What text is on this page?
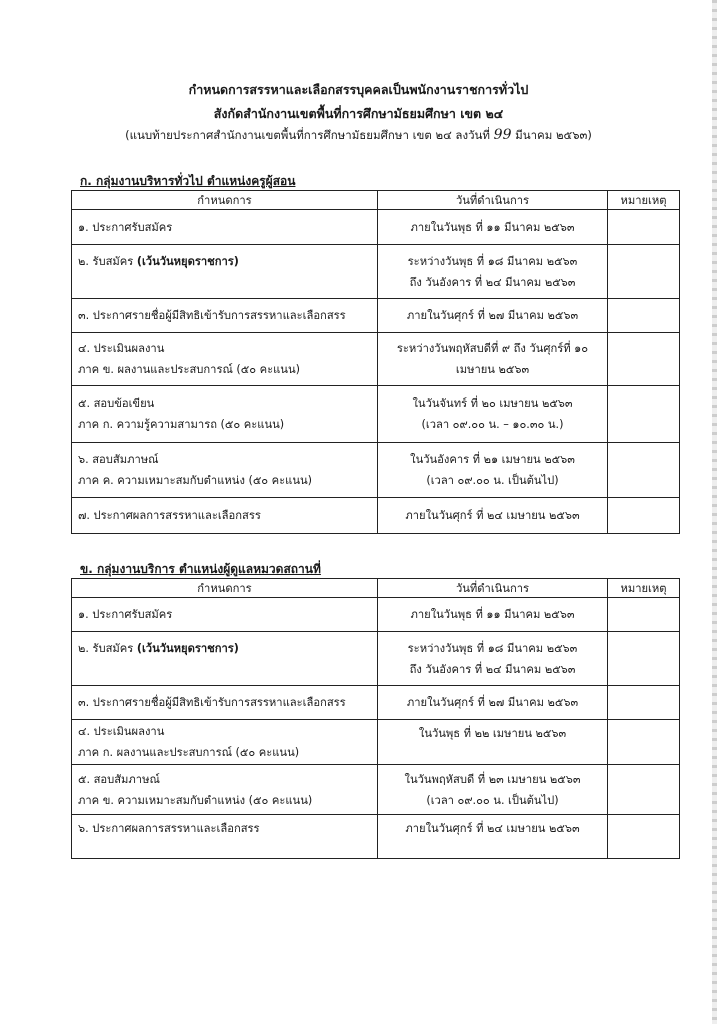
กำหนดการสรรหาและเลือกสรรบุคคลเป็นพนักงานราชการทั่วไป
สังกัดสำนักงานเขตพื้นที่การศึกษามัธยมศึกษา เขต ๒๔
(แนบท้ายประกาศสำนักงานเขตพื้นที่การศึกษามัธยมศึกษา เขต ๒๔ ลงวันที่ 99 มีนาคม ๒๕๖๓)
ก. กลุ่มงานบริหารทั่วไป ตำแหน่งครูผู้สอน
กำหนดการ	วันที่ดำเนินการ	หมายเหตุ

๑. ประกาศรับสมัคร	ภายในวันพุธ ที่ ๑๑ มีนาคม ๒๕๖๓	

๒. รับสมัคร (เว้นวันหยุดราชการ)	ระหว่างวันพุธ ที่ ๑๘ มีนาคม ๒๕๖๓
ถึง วันอังคาร ที่ ๒๔ มีนาคม ๒๕๖๓	

๓. ประกาศรายชื่อผู้มีสิทธิเข้ารับการสรรหาและเลือกสรร	ภายในวันศุกร์ ที่ ๒๗ มีนาคม ๒๕๖๓	

๔. ประเมินผลงาน
ภาค ข. ผลงานและประสบการณ์ (๕๐ คะแนน)	ระหว่างวันพฤหัสบดีที่ ๙ ถึง วันศุกร์ที่ ๑๐
เมษายน ๒๕๖๓	

๕. สอบข้อเขียน
ภาค ก. ความรู้ความสามารถ (๕๐ คะแนน)	ในวันจันทร์ ที่ ๒๐ เมษายน ๒๕๖๓
(เวลา ๐๙.๐๐ น. – ๑๐.๓๐ น.)	

๖. สอบสัมภาษณ์
ภาค ค. ความเหมาะสมกับตำแหน่ง (๕๐ คะแนน)	ในวันอังคาร ที่ ๒๑ เมษายน ๒๕๖๓
(เวลา ๐๙.๐๐ น. เป็นต้นไป)	

๗. ประกาศผลการสรรหาและเลือกสรร	ภายในวันศุกร์ ที่ ๒๔ เมษายน ๒๕๖๓	

ข. กลุ่มงานบริการ ตำแหน่งผู้ดูแลหมวดสถานที่
กำหนดการ	วันที่ดำเนินการ	หมายเหตุ

๑. ประกาศรับสมัคร	ภายในวันพุธ ที่ ๑๑ มีนาคม ๒๕๖๓	

๒. รับสมัคร (เว้นวันหยุดราชการ)	ระหว่างวันพุธ ที่ ๑๘ มีนาคม ๒๕๖๓
ถึง วันอังคาร ที่ ๒๔ มีนาคม ๒๕๖๓	

๓. ประกาศรายชื่อผู้มีสิทธิเข้ารับการสรรหาและเลือกสรร	ภายในวันศุกร์ ที่ ๒๗ มีนาคม ๒๕๖๓	

๔. ประเมินผลงาน
ภาค ก. ผลงานและประสบการณ์ (๕๐ คะแนน)	ในวันพุธ ที่ ๒๒ เมษายน ๒๕๖๓	

๕. สอบสัมภาษณ์
ภาค ข. ความเหมาะสมกับตำแหน่ง (๕๐ คะแนน)	ในวันพฤหัสบดี ที่ ๒๓ เมษายน ๒๕๖๓
(เวลา ๐๙.๐๐ น. เป็นต้นไป)	

๖. ประกาศผลการสรรหาและเลือกสรร	ภายในวันศุกร์ ที่ ๒๔ เมษายน ๒๕๖๓	
